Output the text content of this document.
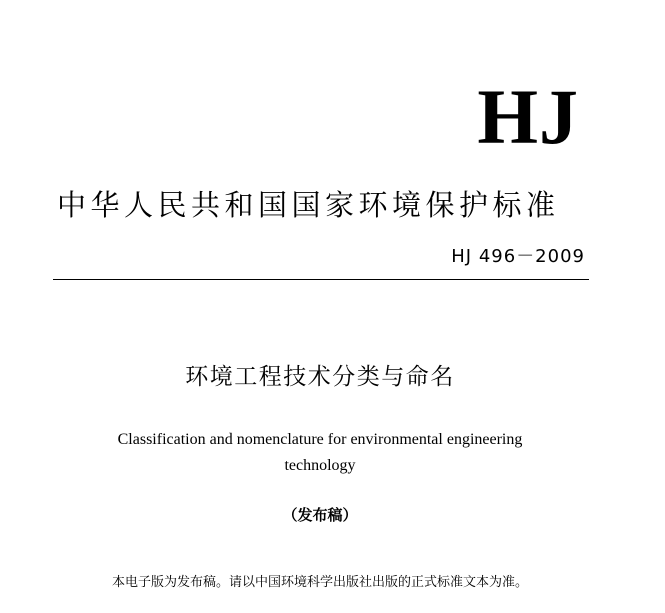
HJ
中华人民共和国国家环境保护标准
HJ 496－2009
环境工程技术分类与命名
Classification and nomenclature for environmental engineering
technology
（发布稿）
本电子版为发布稿。请以中国环境科学出版社出版的正式标准文本为准。
